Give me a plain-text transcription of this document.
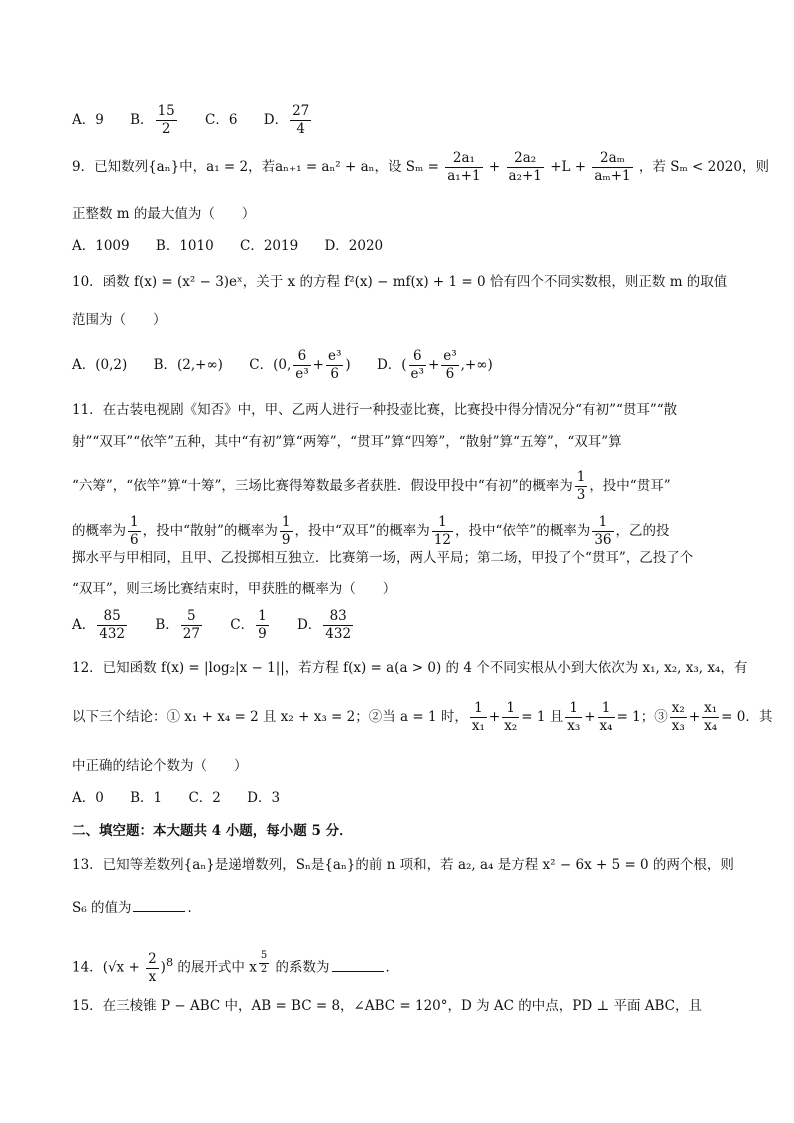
A．9 B． $\frac{15}{2}$ C．6 D． $\frac{27}{4}$
9．已知数列{aₙ}中，a₁ = 2，若aₙ₊₁ = aₙ² + aₙ，设 $S_m = \frac{\text{2a₁}}{\text{a₁+1}} + \frac{\text{2a₂}}{\text{a₂+1}} +L + \frac{\text{2aₘ}}{\text{aₘ+1}}$ ，若 Sₘ < 2020，则
正整数 m 的最大值为（　　）
A．1009 B．1010 C．2019 D．2020
10．函数 f(x) = (x² − 3)eˣ，关于 x 的方程 f²(x) − mf(x) + 1 = 0 恰有四个不同实数根，则正数 m 的取值
范围为（　　）
A．(0,2) B．(2,+∞) C．(0, $\frac{6}{\text{e³}} + \frac{\text{e³}}{6}$ ) D．( $\frac{6}{\text{e³}} + \frac{\text{e³}}{6}$ ,+∞)
11．在古装电视剧《知否》中，甲、乙两人进行一种投壶比赛，比赛投中得分情况分“有初”“贯耳”“散
射”“双耳”“依竿”五种，其中“有初”算“两筹”，“贯耳”算“四筹”，“散射”算“五筹”，“双耳”算
“六筹”，“依竿”算“十筹”，三场比赛得筹数最多者获胜．假设甲投中“有初”的概率为 $\frac{1}{3}$ ，投中“贯耳”
的概率为 $\frac{1}{6}$ ，投中“散射”的概率为 $\frac{1}{9}$ ，投中“双耳”的概率为 $\frac{1}{12}$ ，投中“依竿”的概率为 $\frac{1}{36}$ ，乙的投
掷水平与甲相同，且甲、乙投掷相互独立．比赛第一场，两人平局；第二场，甲投了个“贯耳”，乙投了个
“双耳”，则三场比赛结束时，甲获胜的概率为（　　）
A． $\frac{85}{432}$ B． $\frac{5}{27}$ C． $\frac{1}{9}$ D． $\frac{83}{432}$
12．已知函数 f(x) = |log₂|x − 1||，若方程 f(x) = a(a > 0) 的 4 个不同实根从小到大依次为 x₁, x₂, x₃, x₄，有
以下三个结论：① x₁ + x₄ = 2 且 x₂ + x₃ = 2；②当 a = 1 时， $\frac{1}{\text{x₁}} + \frac{1}{\text{x₂}} = 1$ 且 $\frac{1}{\text{x₃}} + \frac{1}{\text{x₄}} = 1$；③ $\frac{\text{x₂}}{\text{x₃}} + \frac{\text{x₁}}{\text{x₄}} = 0$．其
中正确的结论个数为（　　）
A．0 B．1 C．2 D．3
二、填空题：本大题共 4 小题，每小题 5 分．
13．已知等差数列{aₙ}是递增数列，Sₙ是{aₙ}的前 n 项和，若 a₂, a₄ 是方程 x² − 6x + 5 = 0 的两个根，则
S₆ 的值为	．
14．$(√x + \frac{2}{x} )^8$ 的展开式中 x $^{\frac{5}{2}}$ 的系数为	．
15．在三棱锥 P − ABC 中，AB = BC = 8，∠ABC = 120°，D 为 AC 的中点，PD ⊥ 平面 ABC，且
